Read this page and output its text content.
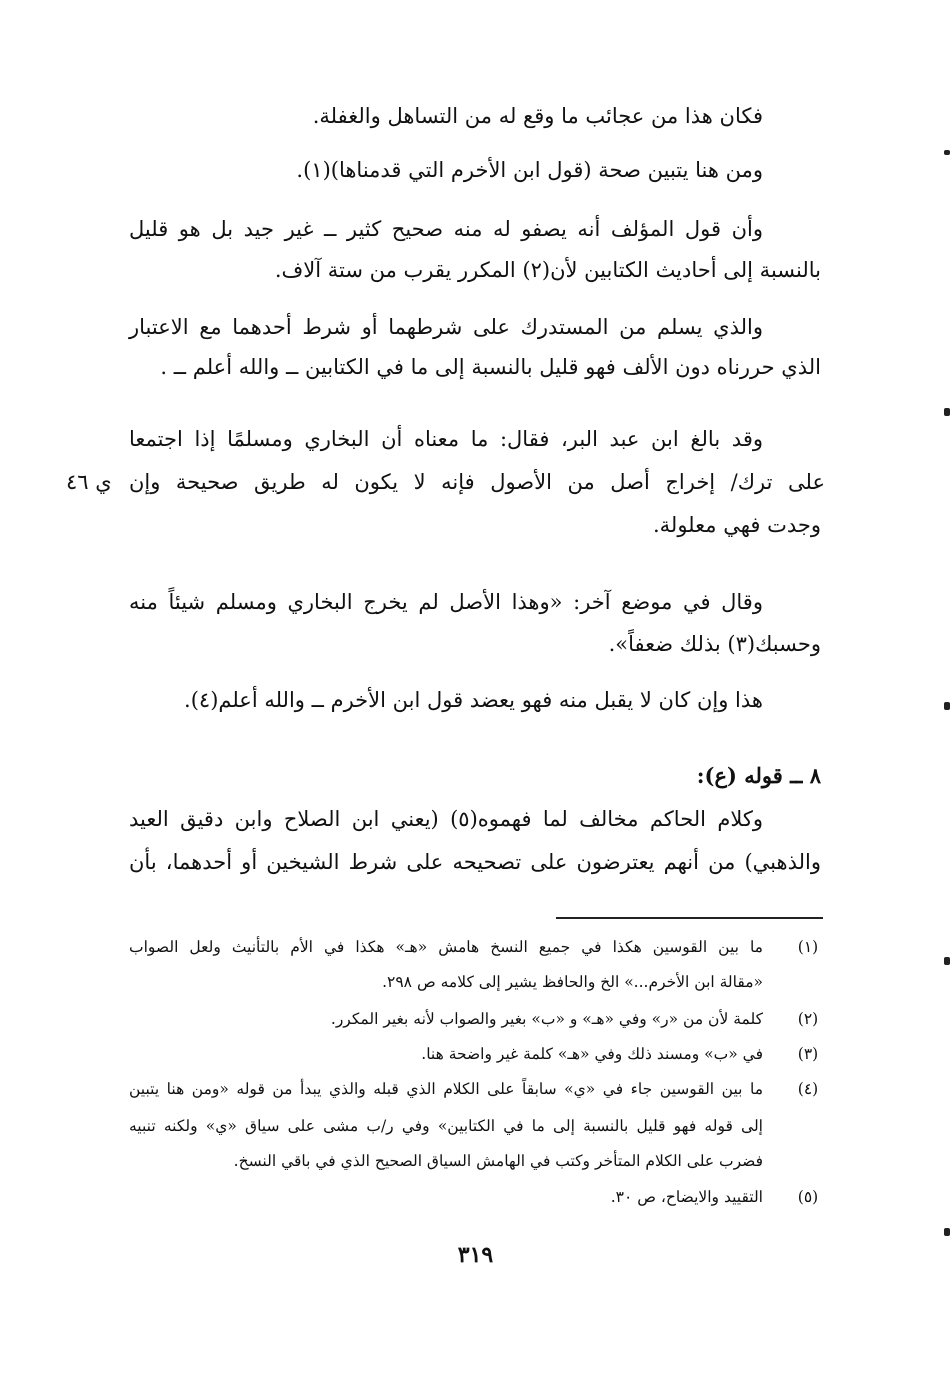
فكان هذا من عجائب ما وقع له من التساهل والغفلة.
ومن هنا يتبين صحة (قول ابن الأخرم التي قدمناها)(١).
وأن قول المؤلف أنه يصفو له منه صحيح كثير ــ غير جيد بل هو قليل
بالنسبة إلى أحاديث الكتابين لأن(٢) المكرر يقرب من ستة آلاف.
والذي يسلم من المستدرك على شرطهما أو شرط أحدهما مع الاعتبار
الذي حررناه دون الألف فهو قليل بالنسبة إلى ما في الكتابين ــ والله أعلم ــ .
وقد بالغ ابن عبد البر، فقال: ما معناه أن البخاري ومسلمًا إذا اجتمعا
على ترك/ إخراج أصل من الأصول فإنه لا يكون له طريق صحيحة وإن
ي ٤٦
وجدت فهي معلولة.
وقال في موضع آخر: «وهذا الأصل لم يخرج البخاري ومسلم شيئاً منه
وحسبك(٣) بذلك ضعفاً».
هذا وإن كان لا يقبل منه فهو يعضد قول ابن الأخرم ــ والله أعلم(٤).
٨ ــ قوله (ع):
وكلام الحاكم مخالف لما فهموه(٥) (يعني ابن الصلاح وابن دقيق العيد
والذهبي) من أنهم يعترضون على تصحيحه على شرط الشيخين أو أحدهما، بأن
(١)
ما بين القوسين هكذا في جميع النسخ هامش «هـ» هكذا في الأم بالتأنيث ولعل الصواب
«مقالة ابن الأخرم...» الخ والحافظ يشير إلى كلامه ص ٢٩٨.
(٢)
كلمة لأن من «ر» وفي «هـ» و «ب» بغير والصواب لأنه بغير المكرر.
(٣)
في «ب» ومسند ذلك وفي «هـ» كلمة غير واضحة هنا.
(٤)
ما بين القوسين جاء في «ي» سابقاً على الكلام الذي قبله والذي يبدأ من قوله «ومن هنا يتبين
إلى قوله فهو قليل بالنسبة إلى ما في الكتابين» وفي ر/ب مشى على سياق «ي» ولكنه تنبيه
فضرب على الكلام المتأخر وكتب في الهامش السياق الصحيح الذي في باقي النسخ.
(٥)
التقييد والايضاح، ص ٣٠.
٣١٩
